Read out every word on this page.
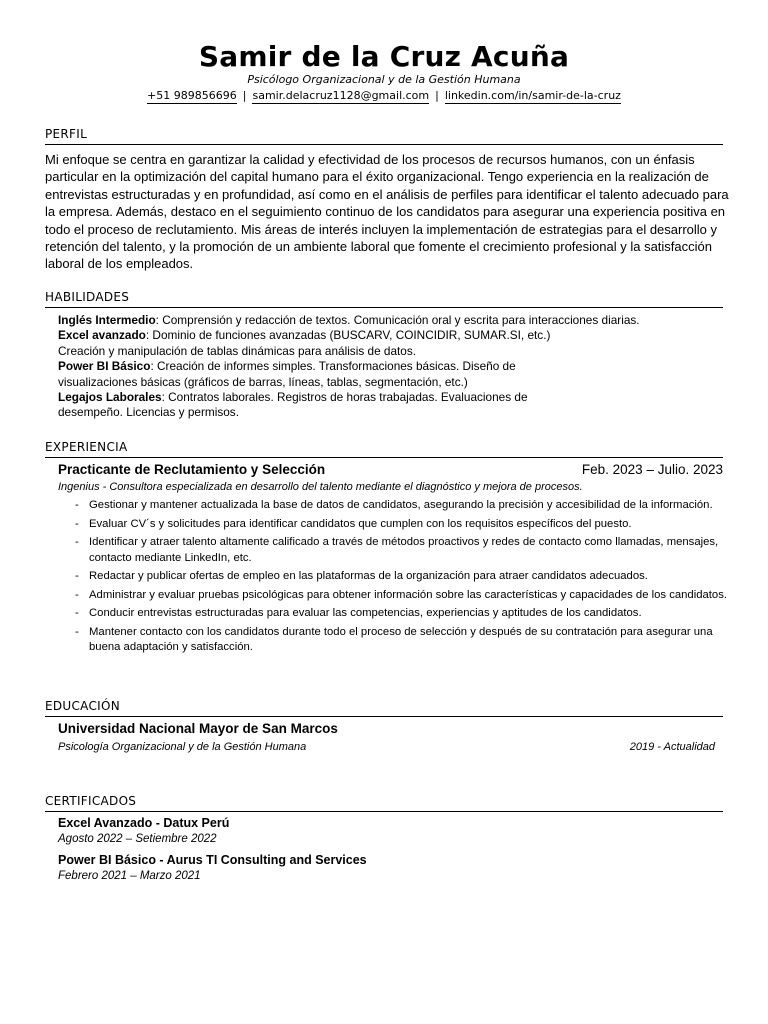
Samir de la Cruz Acuña
Psicólogo Organizacional y de la Gestión Humana
+51 989856696 | samir.delacruz1128@gmail.com | linkedin.com/in/samir-de-la-cruz
PERFIL
Mi enfoque se centra en garantizar la calidad y efectividad de los procesos de recursos humanos, con un énfasis particular en la optimización del capital humano para el éxito organizacional. Tengo experiencia en la realización de entrevistas estructuradas y en profundidad, así como en el análisis de perfiles para identificar el talento adecuado para la empresa. Además, destaco en el seguimiento continuo de los candidatos para asegurar una experiencia positiva en todo el proceso de reclutamiento. Mis áreas de interés incluyen la implementación de estrategias para el desarrollo y retención del talento, y la promoción de un ambiente laboral que fomente el crecimiento profesional y la satisfacción laboral de los empleados.
HABILIDADES
Inglés Intermedio: Comprensión y redacción de textos. Comunicación oral y escrita para interacciones diarias.
Excel avanzado: Dominio de funciones avanzadas (BUSCARV, COINCIDIR, SUMAR.SI, etc.)
Creación y manipulación de tablas dinámicas para análisis de datos.
Power BI Básico: Creación de informes simples. Transformaciones básicas. Diseño de
visualizaciones básicas (gráficos de barras, líneas, tablas, segmentación, etc.)
Legajos Laborales: Contratos laborales. Registros de horas trabajadas. Evaluaciones de
desempeño. Licencias y permisos.
EXPERIENCIA
Practicante de Reclutamiento y Selección	Feb. 2023 – Julio. 2023
Ingenius - Consultora especializada en desarrollo del talento mediante el diagnóstico y mejora de procesos.
- Gestionar y mantener actualizada la base de datos de candidatos, asegurando la precisión y accesibilidad de la información.
- Evaluar CV´s y solicitudes para identificar candidatos que cumplen con los requisitos específicos del puesto.
- Identificar y atraer talento altamente calificado a través de métodos proactivos y redes de contacto como llamadas, mensajes, contacto mediante LinkedIn, etc.
- Redactar y publicar ofertas de empleo en las plataformas de la organización para atraer candidatos adecuados.
- Administrar y evaluar pruebas psicológicas para obtener información sobre las características y capacidades de los candidatos.
- Conducir entrevistas estructuradas para evaluar las competencias, experiencias y aptitudes de los candidatos.
- Mantener contacto con los candidatos durante todo el proceso de selección y después de su contratación para asegurar una buena adaptación y satisfacción.
EDUCACIÓN
Universidad Nacional Mayor de San Marcos
Psicología Organizacional y de la Gestión Humana	2019 - Actualidad
CERTIFICADOS
Excel Avanzado - Datux Perú
Agosto 2022 – Setiembre 2022
Power BI Básico - Aurus TI Consulting and Services
Febrero 2021 – Marzo 2021
